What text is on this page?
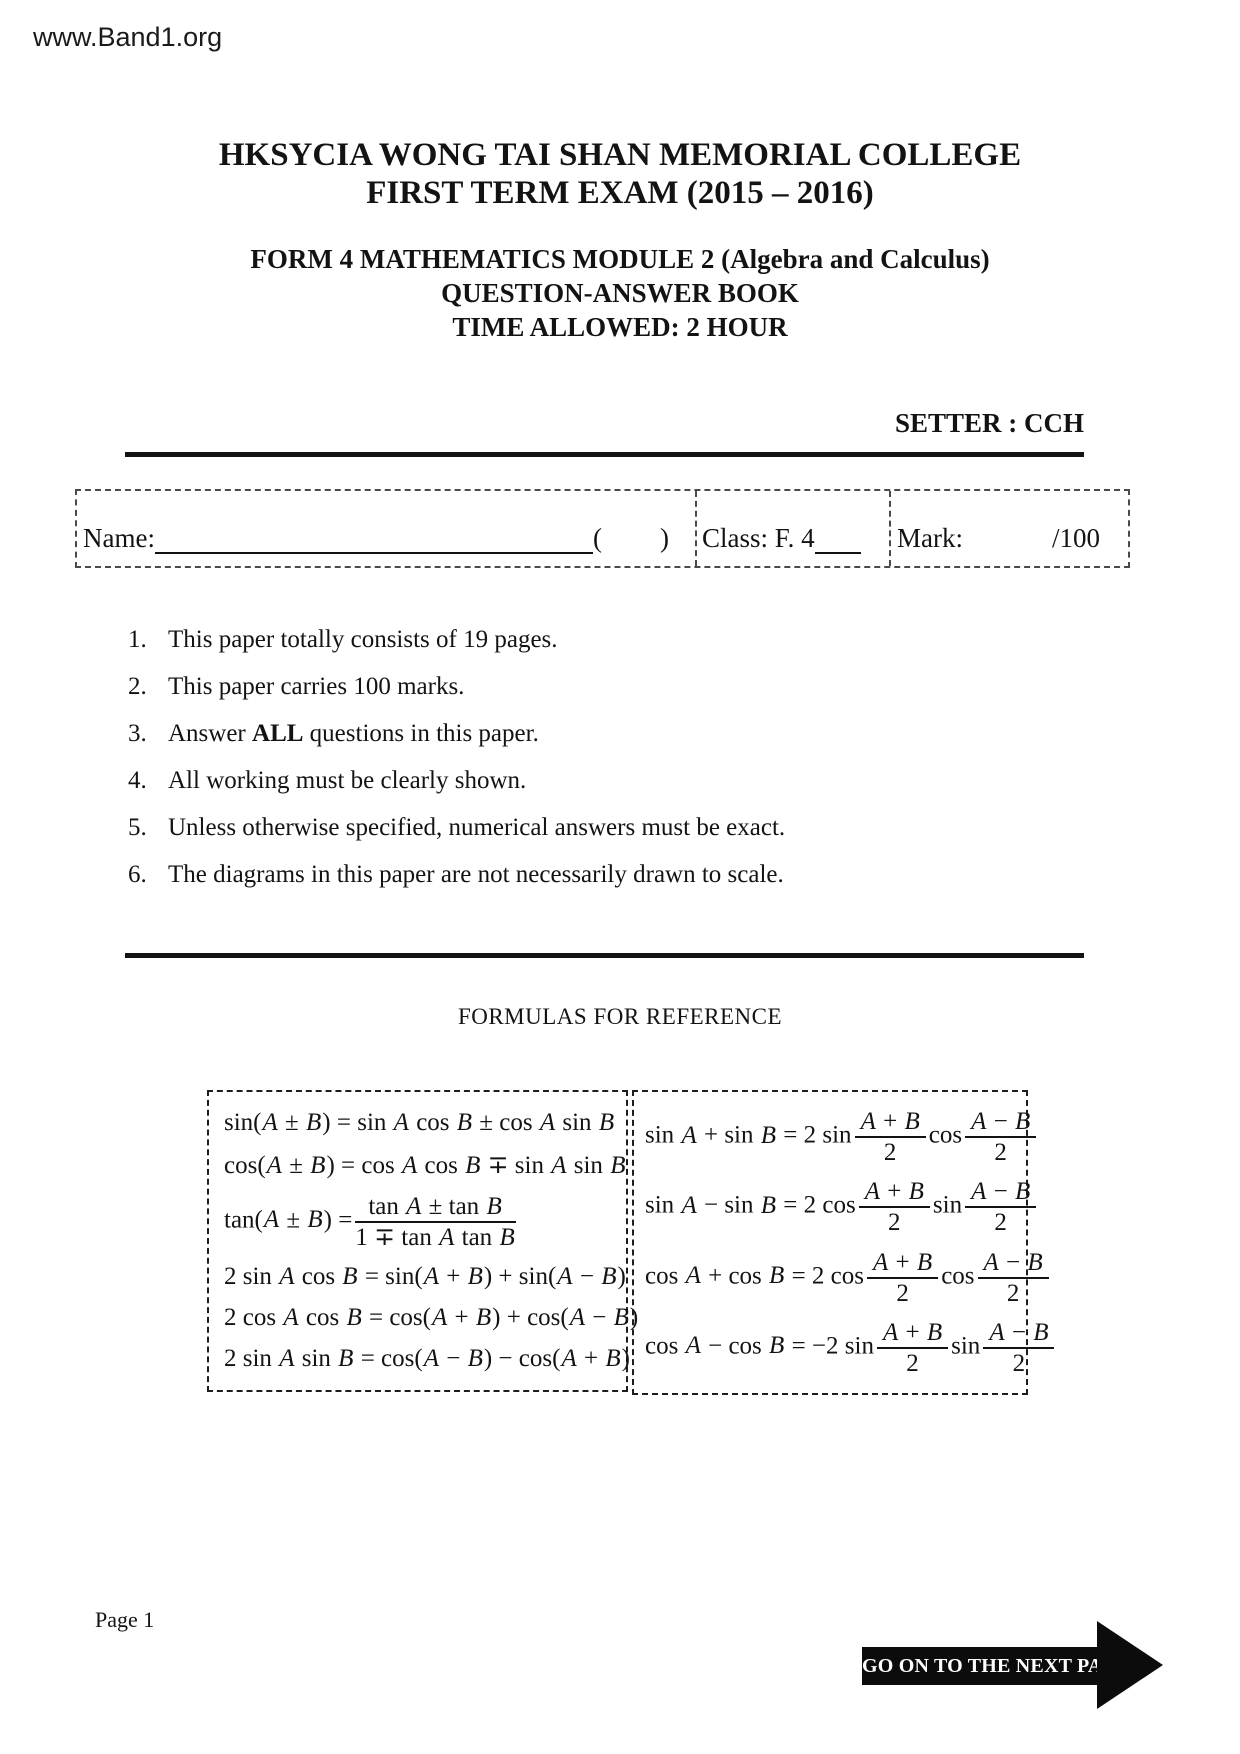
www.Band1.org
HKSYCIA WONG TAI SHAN MEMORIAL COLLEGE
FIRST TERM EXAM (2015 – 2016)
FORM 4 MATHEMATICS MODULE 2 (Algebra and Calculus)
QUESTION-ANSWER BOOK
TIME ALLOWED: 2 HOUR
SETTER : CCH
Name:	( ) Class: F. 4	Mark:	/100
1. This paper totally consists of 19 pages.
2. This paper carries 100 marks.
3. Answer ALL questions in this paper.
4. All working must be clearly shown.
5. Unless otherwise specified, numerical answers must be exact.
6. The diagrams in this paper are not necessarily drawn to scale.
FORMULAS FOR REFERENCE
sin(A ± B) = sin A cos B ± cos A sin B
cos(A ± B) = cos A cos B ∓ sin A sin B
$\tan(A \pm B) = \frac{\text{tan A ± tan B}}{\text{1 ∓ tan A tan B}}$
2 sin A cos B = sin(A + B) + sin(A − B)
2 cos A cos B = cos(A + B) + cos(A − B)
2 sin A sin B = cos(A − B) − cos(A + B)
sin A + sin B = 2 $\sin \frac{A + B}{2}$ $\cos \frac{A - B}{2}$
sin A − sin B = 2 $\cos \frac{A + B}{2}$ $\sin \frac{A - B}{2}$
cos A + cos B = 2 $\cos \frac{A + B}{2}$ $\cos \frac{A - B}{2}$
cos A − cos B = −2 $\sin \frac{A + B}{2}$ $\sin \frac{A - B}{2}$
Page 1
GO ON TO THE NEXT PAGE
